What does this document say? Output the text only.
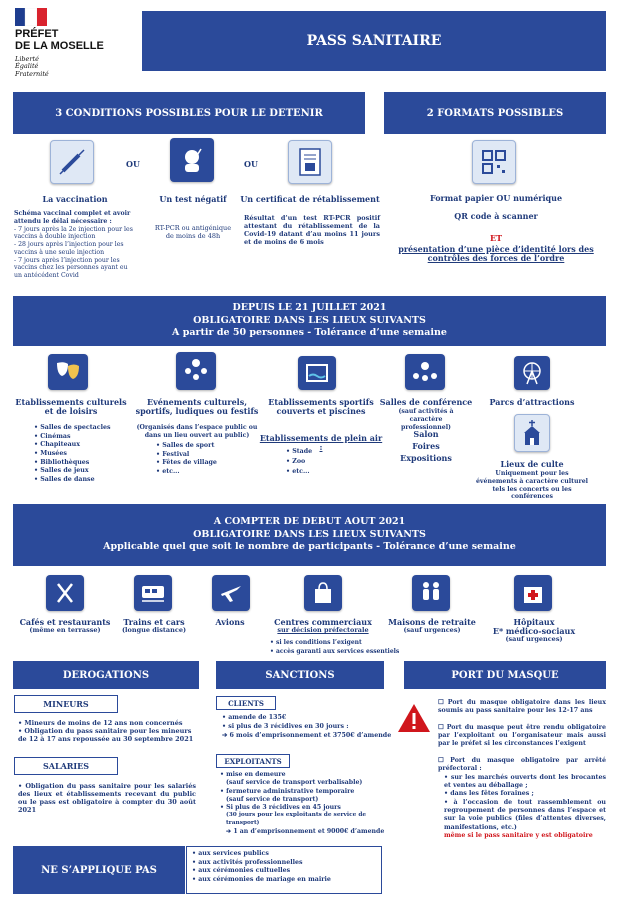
PRÉFET
DE LA MOSELLE
Liberté
Égalité
Fraternité
PASS SANITAIRE
3 CONDITIONS POSSIBLES POUR LE DETENIR	2 FORMATS POSSIBLES
OU	OU
La vaccination	Un test négatif	Un certificat de rétablissement
Schéma vaccinal complet et avoir attendu le délai nécessaire :
- 7 jours après la 2e injection pour les vaccins à double injection
- 28 jours après l’injection pour les vaccins à une seule injection
- 7 jours après l’injection pour les vaccins chez les personnes ayant eu un antécédent Covid
RT-PCR ou antigénique de moins de 48h
Résultat d’un test RT-PCR positif attestant du rétablissement de la Covid-19 datant d’au moins 11 jours et de moins de 6 mois
Format papier OU numérique
QR code à scanner
ET
présentation d’une pièce d’identité lors des contrôles des forces de l’ordre
DEPUIS LE 21 JUILLET 2021
OBLIGATOIRE DANS LES LIEUX SUIVANTS
A partir de 50 personnes - Tolérance d’une semaine
Etablissements culturels et de loisirs
• Salles de spectacles
• Cinémas
• Chapiteaux
• Musées
• Bibliothèques
• Salles de jeux
• Salles de danse
Evénements culturels, sportifs, ludiques ou festifs
(Organisés dans l’espace public ou dans un lieu ouvert au public)
• Salles de sport
• Festival
• Fêtes de village
• etc...
Etablissements sportifs couverts et piscines
Etablissements de plein air :
• Stade
• Zoo
• etc...
Salles de conférence
(sauf activités à caractère professionnel)
Salon
Foires
Expositions
Parcs d’attractions
Lieux de culte
Uniquement pour les événements à caractère culturel tels les concerts ou les conférences
A COMPTER DE DEBUT AOUT 2021
OBLIGATOIRE DANS LES LIEUX SUIVANTS
Applicable quel que soit le nombre de participants - Tolérance d’une semaine
Cafés et restaurants
(même en terrasse)
Trains et cars
(longue distance)
Avions	Centres commerciaux
sur décision préfectorale
• si les conditions l’exigent
• accès garanti aux services essentiels
Maisons de retraite
(sauf urgences)
Hôpitaux
E* médico-sociaux
(sauf urgences)
DEROGATIONS	SANCTIONS	PORT DU MASQUE
MINEURS
• Mineurs de moins de 12 ans non concernés
• Obligation du pass sanitaire pour les mineurs de 12 à 17 ans repoussée au 30 septembre 2021
SALARIES
• Obligation du pass sanitaire pour les salariés des lieux et établissements recevant du public ou le pass est obligatoire à compter du 30 août 2021
CLIENTS
• amende de 135€
• si plus de 3 récidives en 30 jours :
➔ 6 mois d’emprisonnement et 3750€ d’amende
EXPLOITANTS
• mise en demeure
(sauf service de transport verbalisable)
• fermeture administrative temporaire
(sauf service de transport)
• Si plus de 3 récidives en 45 jours
(30 jours pour les exploitants de service de transport)
➔ 1 an d’emprisonnement et 9000€ d’amende
☐ Port du masque obligatoire dans les lieux soumis au pass sanitaire pour les 12-17 ans
☐ Port du masque peut être rendu obligatoire par l’exploitant ou l’organisateur mais aussi par le préfet si les circonstances l’exigent
☐ Port du masque obligatoire par arrêté préfectoral :
• sur les marchés ouverts dont les brocantes et ventes au déballage ;
• dans les fêtes foraines ;
• à l’occasion de tout rassemblement ou regroupement de personnes dans l’espace et sur la voie publics (files d’attentes diverses, manifestations, etc.)
même si le pass sanitaire y est obligatoire
NE S’APPLIQUE PAS
• aux services publics
• aux activités professionnelles
• aux cérémonies cultuelles
• aux cérémonies de mariage en mairie
